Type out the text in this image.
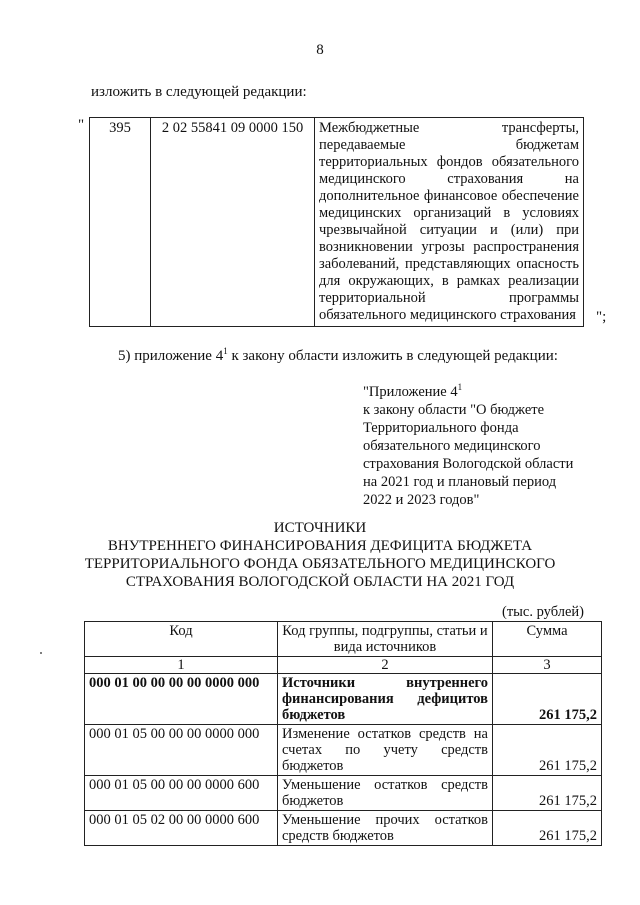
8
изложить в следующей редакции:
" 395	2 02 55841 09 0000 150	Межбюджетные трансферты, передаваемые бюджетам территориальных фондов обязательного медицинского страхования на дополнительное финансовое обеспечение медицинских организаций в условиях чрезвычайной ситуации и (или) при возникновении угрозы распространения заболеваний, представляющих опасность для окружающих, в рамках реализации территориальной программы обязательного медицинского страхования ";
5) приложение $4^1$ к закону области изложить в следующей редакции:
"Приложение $4^1$
к закону области "О бюджете
Территориального фонда
обязательного медицинского
страхования Вологодской области
на 2021 год и плановый период
2022 и 2023 годов"
ИСТОЧНИКИ
ВНУТРЕННЕГО ФИНАНСИРОВАНИЯ ДЕФИЦИТА БЮДЖЕТА
ТЕРРИТОРИАЛЬНОГО ФОНДА ОБЯЗАТЕЛЬНОГО МЕДИЦИНСКОГО
СТРАХОВАНИЯ ВОЛОГОДСКОЙ ОБЛАСТИ НА 2021 ГОД
(тыс. рублей)
Код	Код группы, подгруппы, статьи и вида источников	Сумма
1	2	3
000 01 00 00 00 00 0000 000	Источники внутреннего финансирования дефицитов бюджетов	261 175,2
000 01 05 00 00 00 0000 000	Изменение остатков средств на счетах по учету средств бюджетов	261 175,2
000 01 05 00 00 00 0000 600	Уменьшение остатков средств бюджетов	261 175,2
000 01 05 02 00 00 0000 600	Уменьшение прочих остатков средств бюджетов	261 175,2
